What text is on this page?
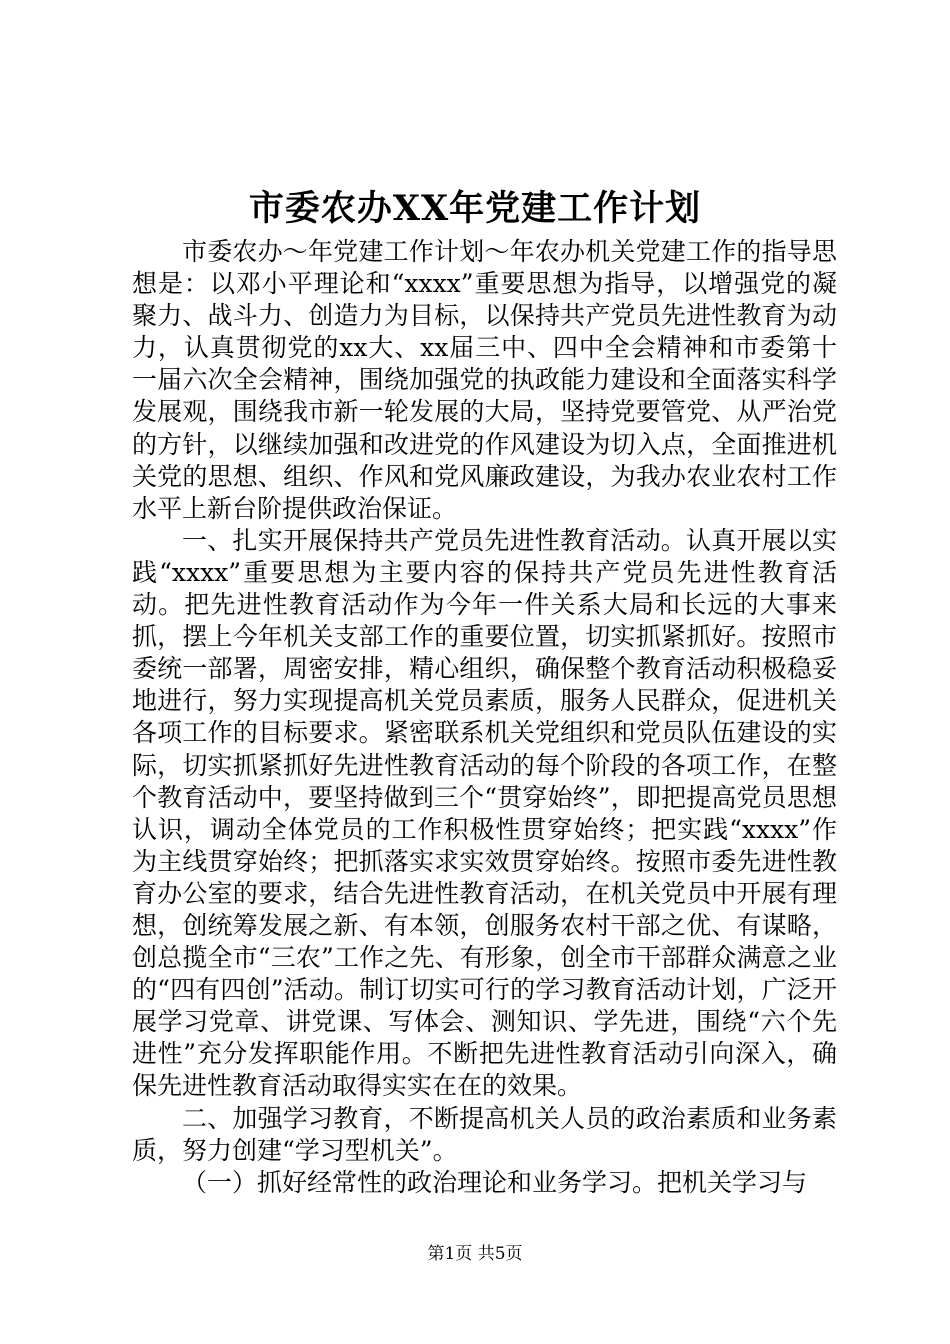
市委农办XX年党建工作计划

市委农办～年党建工作计划～年农办机关党建工作的指导思想是：以邓小平理论和“xxxx”重要思想为指导，以增强党的凝聚力、战斗力、创造力为目标，以保持共产党员先进性教育为动力，认真贯彻党的xx大、xx届三中、四中全会精神和市委第十一届六次全会精神，围绕加强党的执政能力建设和全面落实科学发展观，围绕我市新一轮发展的大局，坚持党要管党、从严治党的方针，以继续加强和改进党的作风建设为切入点，全面推进机关党的思想、组织、作风和党风廉政建设，为我办农业农村工作水平上新台阶提供政治保证。

一、扎实开展保持共产党员先进性教育活动。认真开展以实践“xxxx”重要思想为主要内容的保持共产党员先进性教育活动。把先进性教育活动作为今年一件关系大局和长远的大事来抓，摆上今年机关支部工作的重要位置，切实抓紧抓好。按照市委统一部署，周密安排，精心组织，确保整个教育活动积极稳妥地进行，努力实现提高机关党员素质，服务人民群众，促进机关各项工作的目标要求。紧密联系机关党组织和党员队伍建设的实际，切实抓紧抓好先进性教育活动的每个阶段的各项工作，在整个教育活动中，要坚持做到三个“贯穿始终”，即把提高党员思想认识，调动全体党员的工作积极性贯穿始终；把实践“xxxx”作为主线贯穿始终；把抓落实求实效贯穿始终。按照市委先进性教育办公室的要求，结合先进性教育活动，在机关党员中开展有理想，创统筹发展之新、有本领，创服务农村干部之优、有谋略，创总揽全市“三农”工作之先、有形象，创全市干部群众满意之业的“四有四创”活动。制订切实可行的学习教育活动计划，广泛开展学习党章、讲党课、写体会、测知识、学先进，围绕“六个先进性”充分发挥职能作用。不断把先进性教育活动引向深入，确保先进性教育活动取得实实在在的效果。

二、加强学习教育，不断提高机关人员的政治素质和业务素质，努力创建“学习型机关”。

（一）抓好经常性的政治理论和业务学习。把机关学习与

第1页 共5页
